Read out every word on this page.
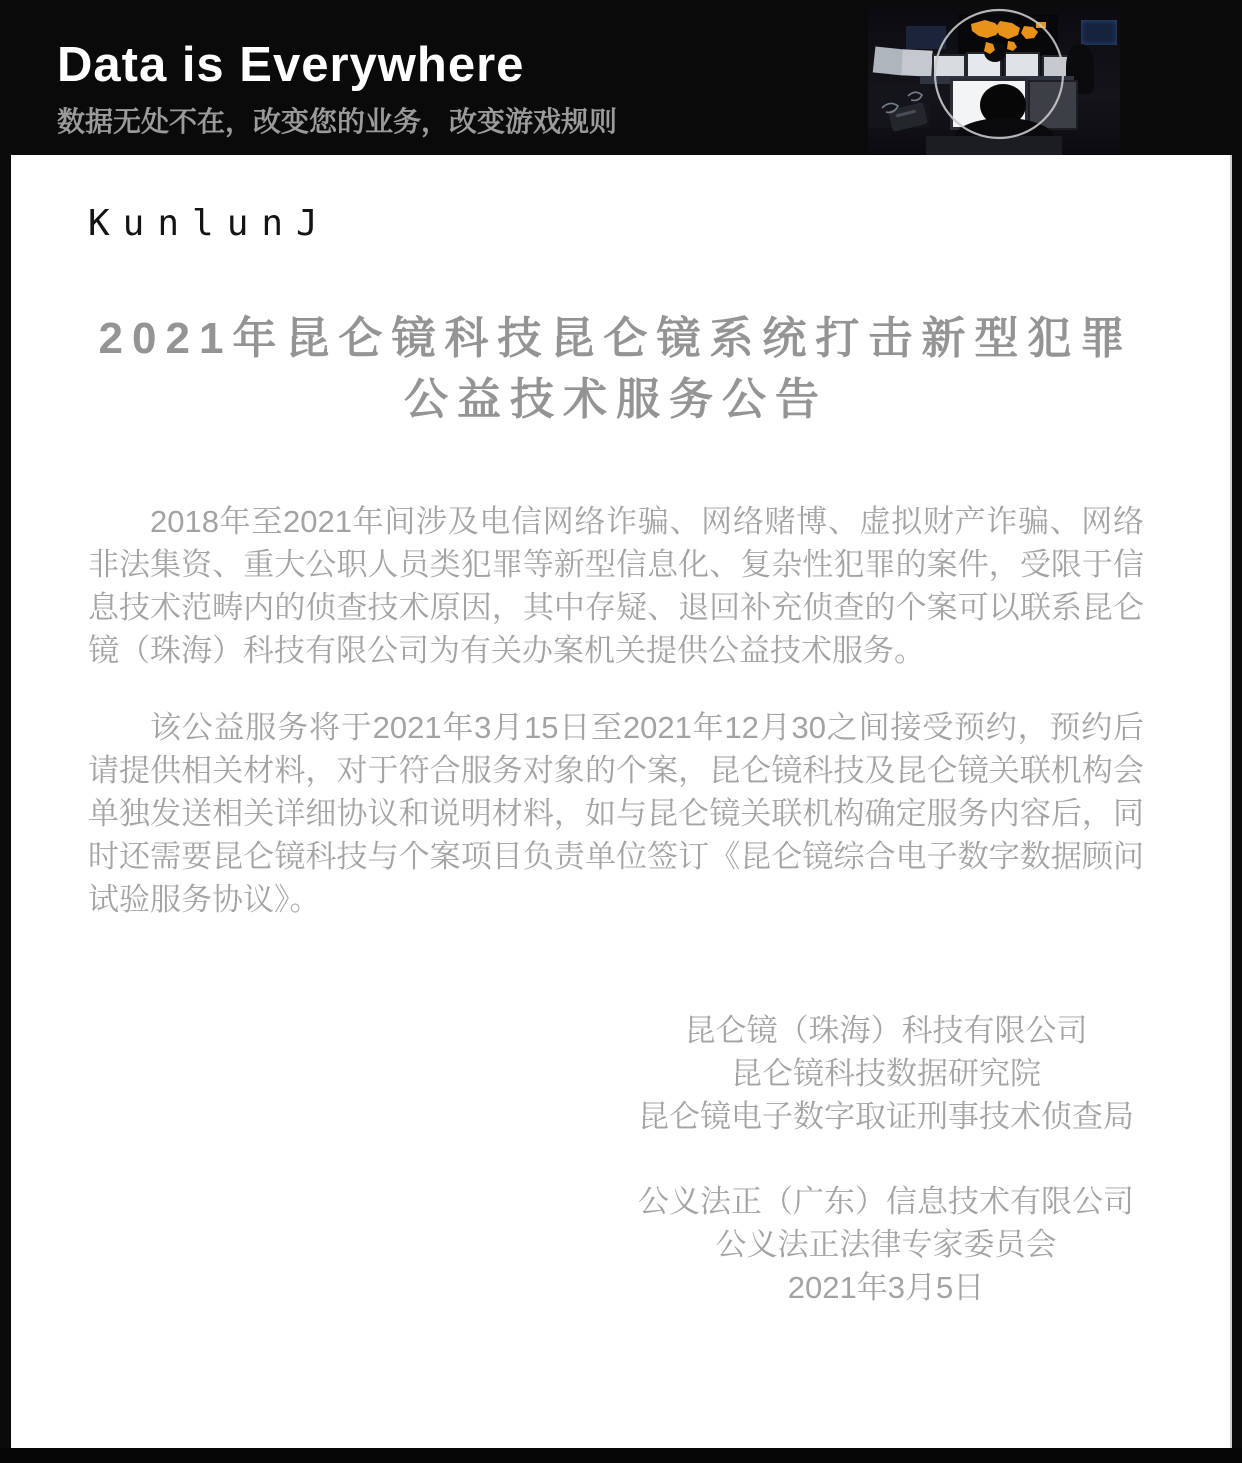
Data is Everywhere
数据无处不在，改变您的业务，改变游戏规则
KunlunJ
2021年昆仑镜科技昆仑镜系统打击新型犯罪
公益技术服务公告

2018年至2021年间涉及电信网络诈骗、网络赌博、虚拟财产诈骗、网络非法集资、重大公职人员类犯罪等新型信息化、复杂性犯罪的案件，受限于信息技术范畴内的侦查技术原因，其中存疑、退回补充侦查的个案可以联系昆仑镜（珠海）科技有限公司为有关办案机关提供公益技术服务。

该公益服务将于2021年3月15日至2021年12月30之间接受预约，预约后请提供相关材料，对于符合服务对象的个案，昆仑镜科技及昆仑镜关联机构会单独发送相关详细协议和说明材料，如与昆仑镜关联机构确定服务内容后，同时还需要昆仑镜科技与个案项目负责单位签订《昆仑镜综合电子数字数据顾问试验服务协议》。

昆仑镜（珠海）科技有限公司
昆仑镜科技数据研究院
昆仑镜电子数字取证刑事技术侦查局
公义法正（广东）信息技术有限公司
公义法正法律专家委员会
2021年3月5日
